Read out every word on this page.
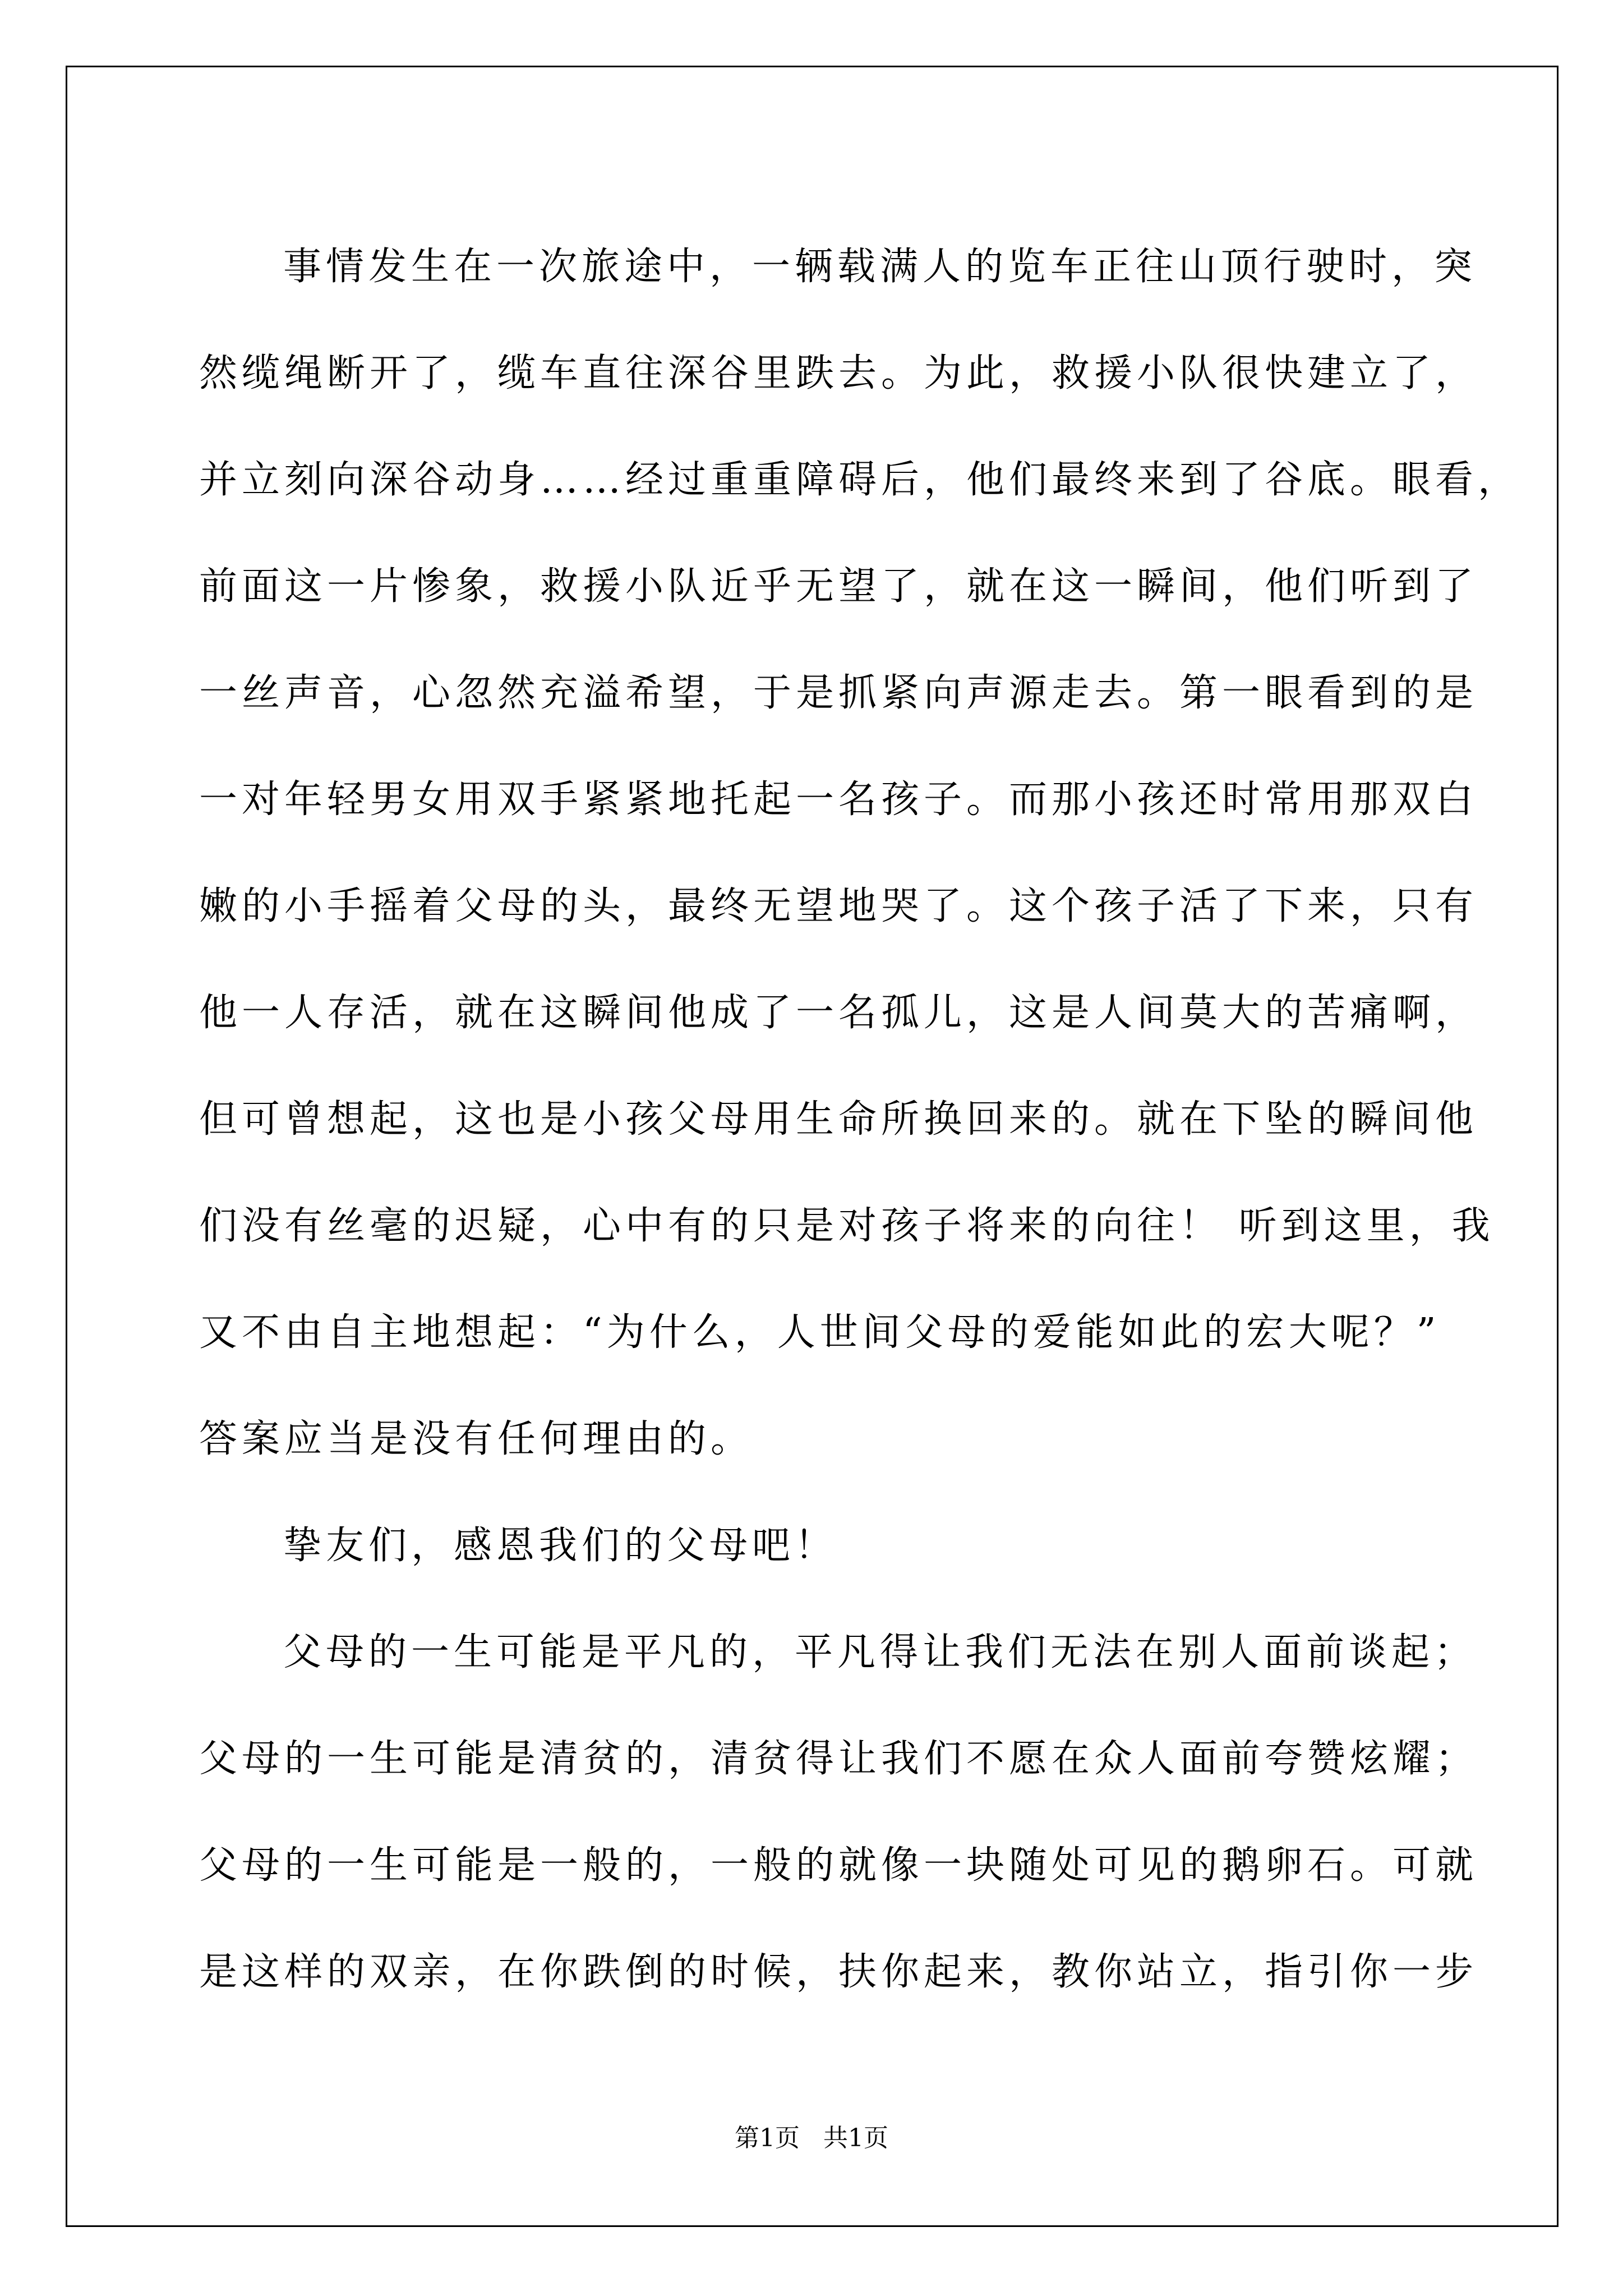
事情发生在一次旅途中，一辆载满人的览车正往山顶行驶时，突
然缆绳断开了，缆车直往深谷里跌去。为此，救援小队很快建立了，
并立刻向深谷动身……经过重重障碍后，他们最终来到了谷底。眼看，
前面这一片惨象，救援小队近乎无望了，就在这一瞬间，他们听到了
一丝声音，心忽然充溢希望，于是抓紧向声源走去。第一眼看到的是
一对年轻男女用双手紧紧地托起一名孩子。而那小孩还时常用那双白
嫩的小手摇着父母的头，最终无望地哭了。这个孩子活了下来，只有
他一人存活，就在这瞬间他成了一名孤儿，这是人间莫大的苦痛啊，
但可曾想起，这也是小孩父母用生命所换回来的。就在下坠的瞬间他
们没有丝毫的迟疑，心中有的只是对孩子将来的向往！ 听到这里，我
又不由自主地想起：“为什么，人世间父母的爱能如此的宏大呢？”
答案应当是没有任何理由的。
挚友们，感恩我们的父母吧！
父母的一生可能是平凡的，平凡得让我们无法在别人面前谈起；
父母的一生可能是清贫的，清贫得让我们不愿在众人面前夸赞炫耀；
父母的一生可能是一般的，一般的就像一块随处可见的鹅卵石。可就
是这样的双亲，在你跌倒的时候，扶你起来，教你站立，指引你一步
第1页   共1页
